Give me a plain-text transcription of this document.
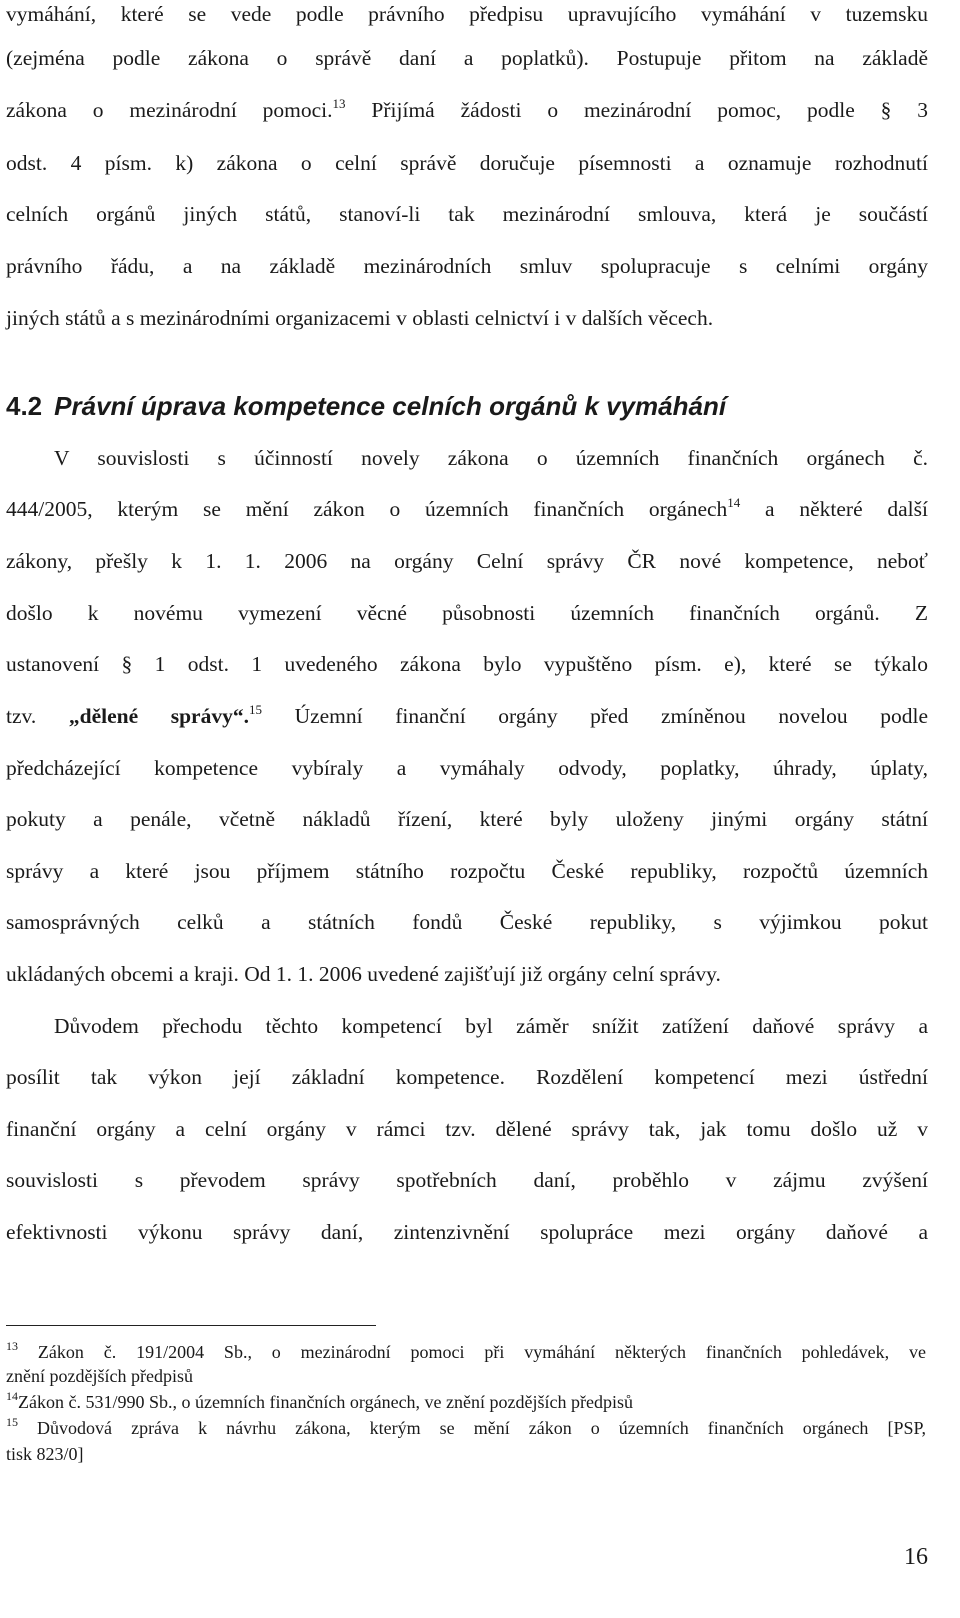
vymáhání, které se vede podle právního předpisu upravujícího vymáhání v tuzemsku
(zejména podle zákona o správě daní a poplatků). Postupuje přitom na základě
zákona o mezinárodní pomoci.$^{13}$ Přijímá žádosti o mezinárodní pomoc, podle § 3
odst. 4 písm. k) zákona o celní správě doručuje písemnosti a oznamuje rozhodnutí
celních orgánů jiných států, stanoví-li tak mezinárodní smlouva, která je součástí
právního řádu, a na základě mezinárodních smluv spolupracuje s celními orgány
jiných států a s mezinárodními organizacemi v oblasti celnictví i v dalších věcech.
4.2 Právní úprava kompetence celních orgánů k vymáhání
V souvislosti s účinností novely zákona o územních finančních orgánech č.
444/2005, kterým se mění zákon o územních finančních orgánech$^{14}$ a některé další
zákony, přešly k 1. 1. 2006 na orgány Celní správy ČR nové kompetence, neboť
došlo k novému vymezení věcné působnosti územních finančních orgánů. Z
ustanovení § 1 odst. 1 uvedeného zákona bylo vypuštěno písm. e), které se týkalo
tzv. „dělené správy“.$^{15}$ Územní finanční orgány před zmíněnou novelou podle
předcházející kompetence vybíraly a vymáhaly odvody, poplatky, úhrady, úplaty,
pokuty a penále, včetně nákladů řízení, které byly uloženy jinými orgány státní
správy a které jsou příjmem státního rozpočtu České republiky, rozpočtů územních
samosprávných celků a státních fondů České republiky, s výjimkou pokut
ukládaných obcemi a kraji. Od 1. 1. 2006 uvedené zajišťují již orgány celní správy.
Důvodem přechodu těchto kompetencí byl záměr snížit zatížení daňové správy a
posílit tak výkon její základní kompetence. Rozdělení kompetencí mezi ústřední
finanční orgány a celní orgány v rámci tzv. dělené správy tak, jak tomu došlo už v
souvislosti s převodem správy spotřebních daní, proběhlo v zájmu zvýšení
efektivnosti výkonu správy daní, zintenzivnění spolupráce mezi orgány daňové a
$^{13}$ Zákon č. 191/2004 Sb., o mezinárodní pomoci při vymáhání některých finančních pohledávek, ve
znění pozdějších předpisů
$^{14}$Zákon č. 531/990 Sb., o územních finančních orgánech, ve znění pozdějších předpisů
$^{15}$ Důvodová zpráva k návrhu zákona, kterým se mění zákon o územních finančních orgánech [PSP,
tisk 823/0]
16
